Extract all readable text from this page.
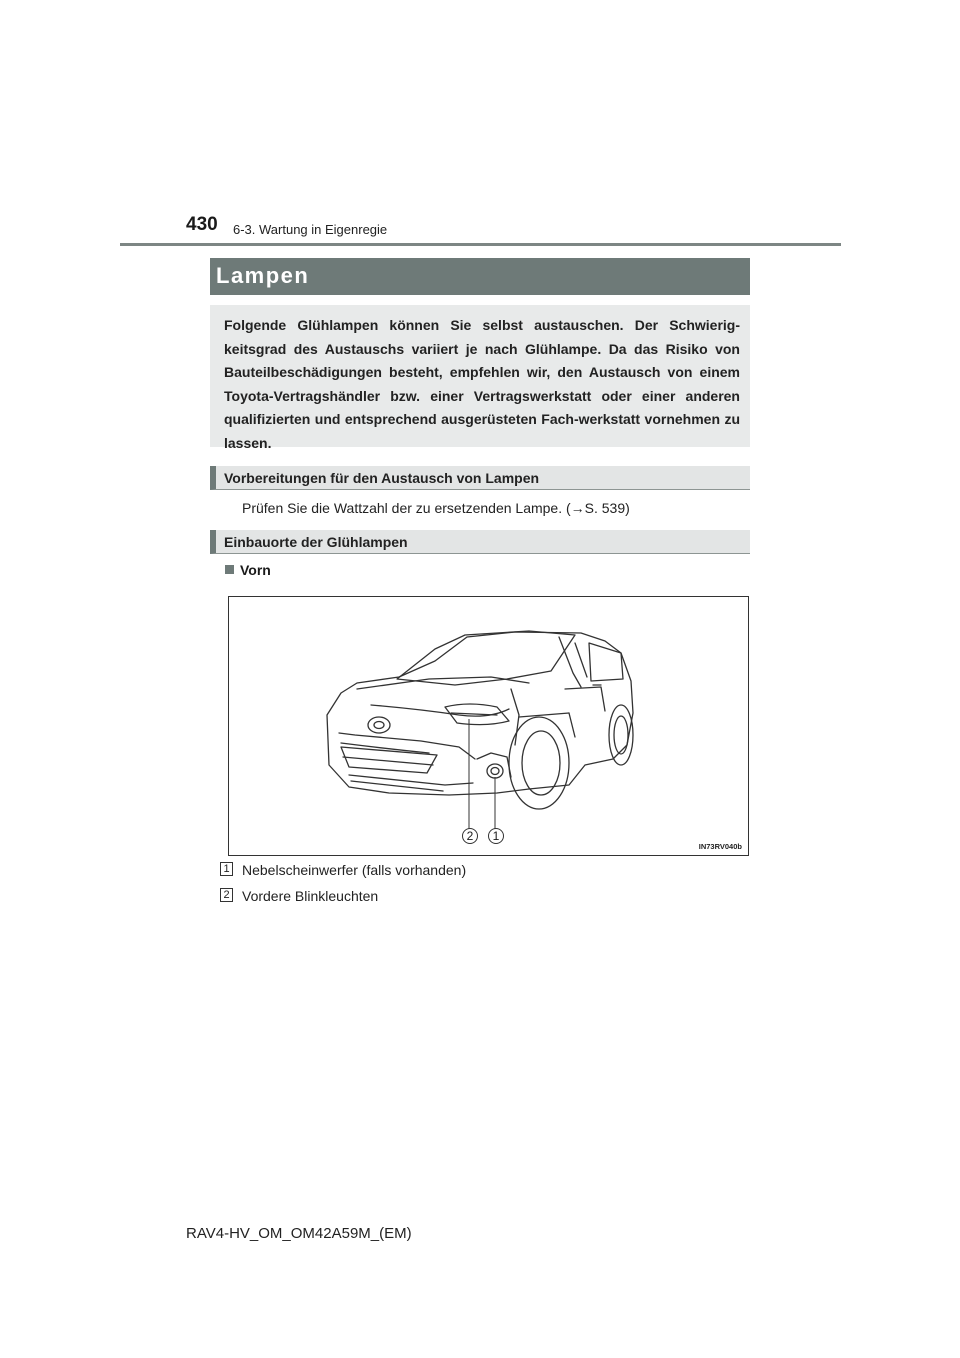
430 6-3. Wartung in Eigenregie
Lampen
Folgende Glühlampen können Sie selbst austauschen. Der Schwierig-keitsgrad des Austauschs variiert je nach Glühlampe. Da das Risiko von Bauteilbeschädigungen besteht, empfehlen wir, den Austausch von einem Toyota-Vertragshändler bzw. einer Vertragswerkstatt oder einer anderen qualifizierten und entsprechend ausgerüsteten Fach-werkstatt vornehmen zu lassen.
Vorbereitungen für den Austausch von Lampen
Prüfen Sie die Wattzahl der zu ersetzenden Lampe. (→S. 539)
Einbauorte der Glühlampen
Vorn
2	1
IN73RV040b
1 Nebelscheinwerfer (falls vorhanden)
2 Vordere Blinkleuchten
RAV4-HV_OM_OM42A59M_(EM)
